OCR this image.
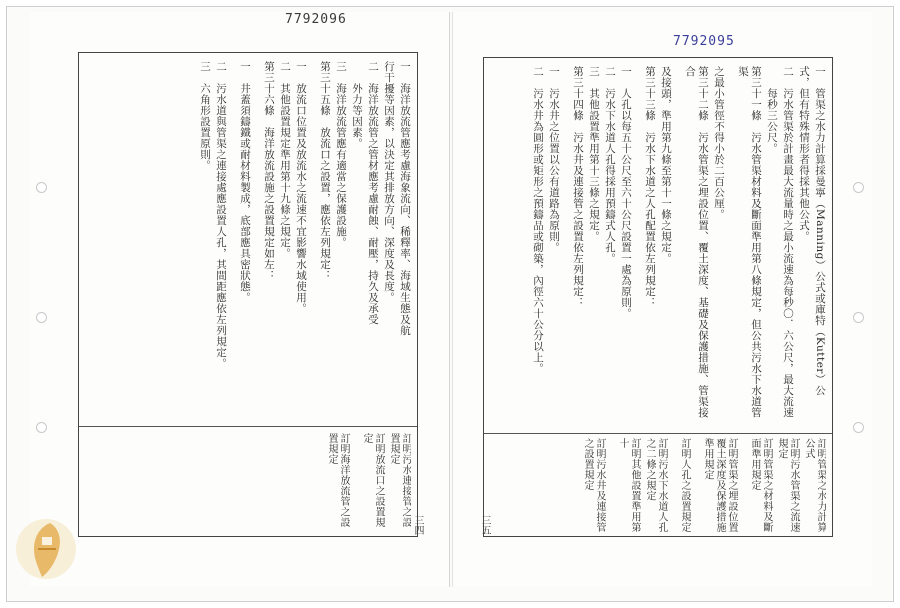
7792096
一　海洋放流管應考慮海象流向、稀釋率、海域生態及航
行干擾等因素，以決定其排放方向、深度及長度。
二　海洋放流管之管材應考慮耐蝕、耐壓，持久及承受
　　外力等因素。
三　海洋放流管應有適當之保護設施。
第三十五條　放流口之設置，應依左列規定：
一　放流口位置及放流水之流速不宜影響水域使用。
二　其他設置規定準用第十九條之規定。
第三十六條　海洋放流設施之設置規定如左：
一　井蓋須鑄鐵或耐材料製成，底部應具密狀態。
二　污水道與管渠之連接處應設置人孔，其間距應依左列規定。
三　六角形設置原則。
訂明污水連接管之設置規定
訂明放流口之設置規定
訂明海洋放流管之設置規定
三四
7792095
一　管渠之水力計算採曼寧（Manning）公式或庫特（Kutter）公
式，但有特殊情形者得採其他公式。
二　污水管渠於計畫最大流量時之最小流速為每秒〇．六公尺，最大流速
　　每秒三公尺。
第三十一條　污水管渠材料及斷面準用第八條規定，但公共污水下水道管渠
之最小管徑不得小於二百公厘。
第三十二條　污水管渠之埋設位置、覆土深度、基礎及保護措施、管渠接合
及接頭，準用第九條至第十一條之規定。
第三十三條　污水下水道之人孔配置依左列規定：
一　人孔以每五十公尺至六十公尺設置一處為原則。
二　污水下水道人孔得採用預鑄式人孔。
三　其他設置準用第十三條之規定。
第三十四條　污水井及連接管之設置依左列規定：
一　污水井之位置以公有道路為原則。
二　污水井為圓形或矩形之預鑄品或砌築，內徑六十公分以上。
訂明管渠之水力計算公式
訂明污水管渠之流速規定
訂明管渠之材料及斷面準用規定
訂明管渠之埋設位置覆土深度及保護措施準用規定
訂明人孔之設置規定
訂明污水下水道人孔之二條之規定
訂明其他設置準用第十
訂明污水井及連接管之設置規定
三五
